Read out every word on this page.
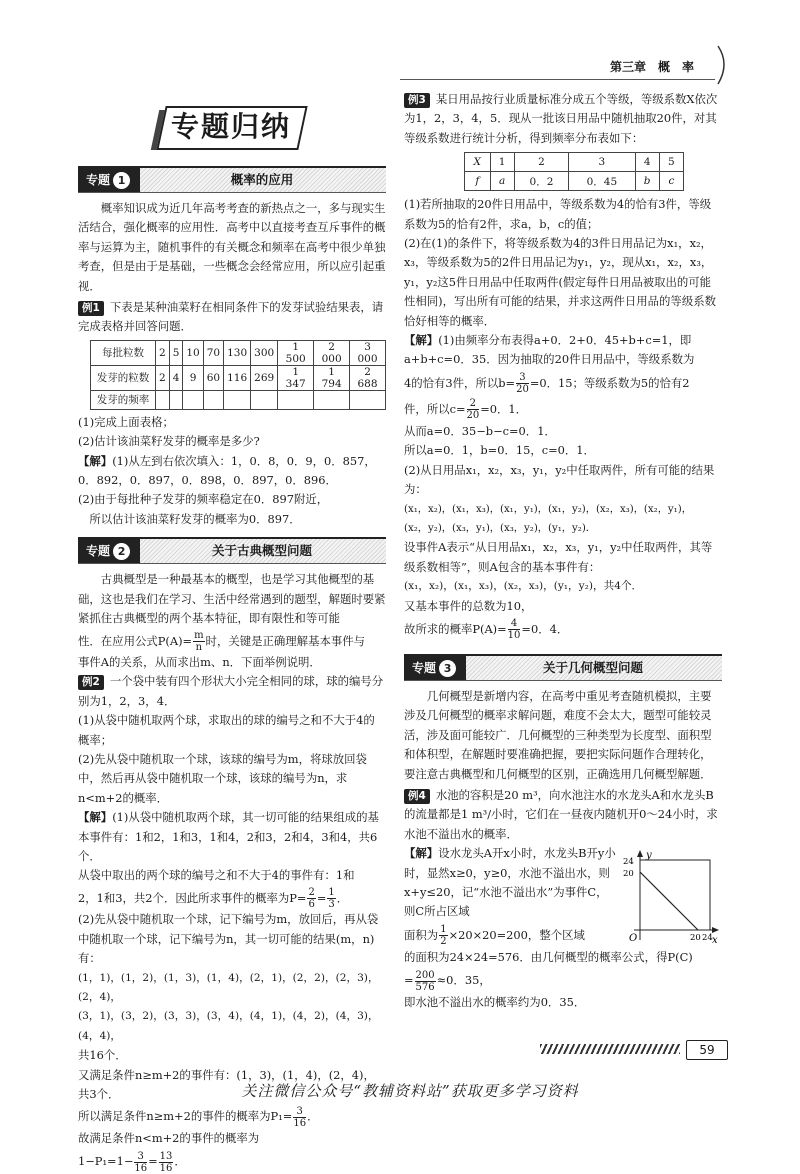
第三章　概　率
专题归纳
专题 1	概率的应用

概率知识成为近几年高考考查的新热点之一，多与现实生活结合，强化概率的应用性．高考中以直接考查互斥事件的概率与运算为主，随机事件的有关概念和频率在高考中很少单独考查，但是由于是基础，一些概念会经常应用，所以应引起重视．

例1 下表是某种油菜籽在相同条件下的发芽试验结果表，请完成表格并回答问题．

每批粒数	2	5	10	70	130	300	1 500	2 000	3 000
发芽的粒数	2	4	9	60	116	269	1 347	1 794	2 688
发芽的频率									

(1)完成上面表格；

(2)估计该油菜籽发芽的概率是多少?

【解】(1)从左到右依次填入：1，0．8，0．9，0．857，0．892，0．897，0．898，0．897，0．896．

(2)由于每批种子发芽的频率稳定在0．897附近，

所以估计该油菜籽发芽的概率为0．897．

专题 2	关于古典概型问题

古典概型是一种最基本的概型，也是学习其他概型的基础，这也是我们在学习、生活中经常遇到的题型，解题时要紧紧抓住古典概型的两个基本特征，即有限性和等可能

性．在应用公式$P(A)= \frac{m}{n}$ 时，关键是正确理解基本事件与

事件A的关系，从而求出m、n．下面举例说明．

例2 一个袋中装有四个形状大小完全相同的球，球的编号分别为1，2，3，4．

(1)从袋中随机取两个球，求取出的球的编号之和不大于4的概率；

(2)先从袋中随机取一个球，该球的编号为m，将球放回袋中，然后再从袋中随机取一个球，该球的编号为n，求n<m+2的概率．

【解】(1)从袋中随机取两个球，其一切可能的结果组成的基本事件有：1和2，1和3，1和4，2和3，2和4，3和4，共6个．

从袋中取出的两个球的编号之和不大于4的事件有：1和

2，1和3，共2个．因此所求事件的概率为$P= \frac{2}{6} = \frac{1}{3}$ ．

(2)先从袋中随机取一个球，记下编号为m，放回后，再从袋中随机取一个球，记下编号为n，其一切可能的结果(m，n)有：

(1，1)，(1，2)，(1，3)，(1，4)，(2，1)，(2，2)，(2，3)，(2，4)，

(3，1)，(3，2)，(3，3)，(3，4)，(4，1)，(4，2)，(4，3)，(4，4)，

共16个．

又满足条件n≥m+2的事件有：(1，3)，(1，4)，(2，4)，共3个．

所以满足条件n≥m+2的事件的概率为$P_1= \frac{3}{16}$ ．

故满足条件n<m+2的事件的概率为

$1-P_1=1- \frac{3}{16} = \frac{13}{16}$ ．

例3 某日用品按行业质量标准分成五个等级，等级系数X依次为1，2，3，4，5．现从一批该日用品中随机抽取20件，对其等级系数进行统计分析，得到频率分布表如下：

X	1	2	3	4	5
f	a	0．2	0．45	b	c

(1)若所抽取的20件日用品中，等级系数为4的恰有3件，等级系数为5的恰有2件，求a，b，c的值；

(2)在(1)的条件下，将等级系数为4的3件日用品记为x₁，x₂，x₃，等级系数为5的2件日用品记为y₁，y₂，现从x₁，x₂，x₃，y₁，y₂这5件日用品中任取两件(假定每件日用品被取出的可能性相同)，写出所有可能的结果，并求这两件日用品的等级系数恰好相等的概率．

【解】(1)由频率分布表得a+0．2+0．45+b+c=1，即a+b+c=0．35．因为抽取的20件日用品中，等级系数为

4的恰有3件，所以$b= \frac{3}{20} =0$．15；等级系数为5的恰有2

件，所以$c= \frac{2}{20} =0$．1．

从而a=0．35−b−c=0．1．

所以a=0．1，b=0．15，c=0．1．

(2)从日用品x₁，x₂，x₃，y₁，y₂中任取两件，所有可能的结果为：

(x₁，x₂)，(x₁，x₃)，(x₁，y₁)，(x₁，y₂)，(x₂，x₃)，(x₂，y₁)，

(x₂，y₂)，(x₃，y₁)，(x₃，y₂)，(y₁，y₂)．

设事件A表示“从日用品x₁，x₂，x₃，y₁，y₂中任取两件，其等级系数相等”，则A包含的基本事件有：

(x₁，x₂)，(x₁，x₃)，(x₂，x₃)，(y₁，y₂)，共4个．

又基本事件的总数为10，

故所求的概率$P(A)= \frac{4}{10} =0$．4．

专题 3	关于几何概型问题

几何概型是新增内容，在高考中重见考查随机模拟，主要涉及几何概型的概率求解问题，难度不会太大，题型可能较灵活，涉及面可能较广．几何概型的三种类型为长度型、面积型和体积型，在解题时要准确把握，要把实际问题作合理转化，要注意古典概型和几何概型的区别，正确选用几何概型解题．

例4 水池的容积是20 m³，向水池注水的水龙头A和水龙头B的流量都是1 m³/小时，它们在一昼夜内随机开0～24小时，求水池不溢出水的概率．

【解】设水龙头A开x小时，水龙头B开y小时，显然x≥0，y≥0，水池不溢出水，则x+y≤20，记“水池不溢出水”为事件C，则C所占区域

面积为 $\frac{1}{2} \times 20\times 20=200$，整个区域

y
x
O
24
20
20 24

的面积为24×24=576．由几何概型的概率公式，得P(C)

= $\frac{200}{576} \approx 0$．35，

即水池不溢出水的概率约为0．35．

59
关注微信公众号“教辅资料站”获取更多学习资料
